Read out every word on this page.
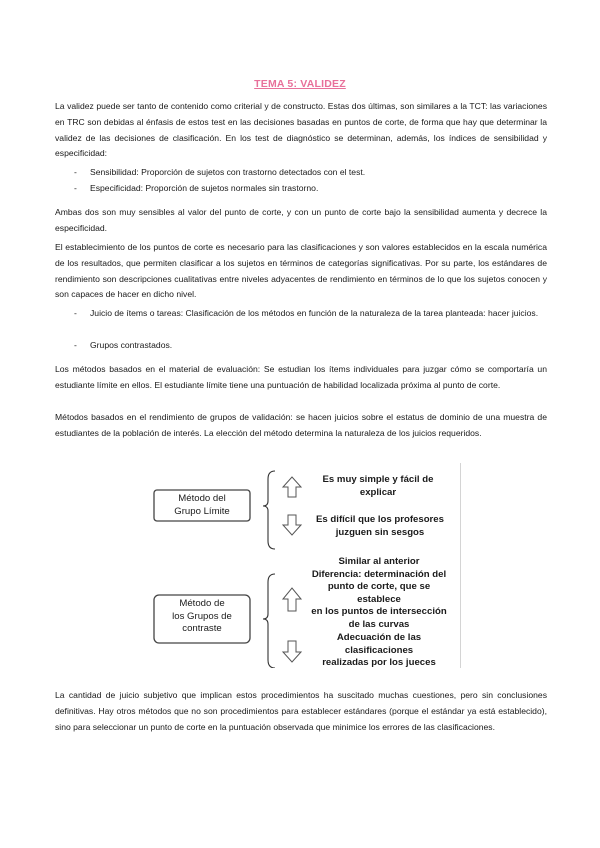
TEMA 5: VALIDEZ

La validez puede ser tanto de contenido como criterial y de constructo. Estas dos últimas, son similares a la TCT: las variaciones en TRC son debidas al énfasis de estos test en las decisiones basadas en puntos de corte, de forma que hay que determinar la validez de las decisiones de clasificación. En los test de diagnóstico se determinan, además, los índices de sensibilidad y especificidad:

- Sensibilidad: Proporción de sujetos con trastorno detectados con el test.
- Especificidad: Proporción de sujetos normales sin trastorno.

Ambas dos son muy sensibles al valor del punto de corte, y con un punto de corte bajo la sensibilidad aumenta y decrece la especificidad.

El establecimiento de los puntos de corte es necesario para las clasificaciones y son valores establecidos en la escala numérica de los resultados, que permiten clasificar a los sujetos en términos de categorías significativas. Por su parte, los estándares de rendimiento son descripciones cualitativas entre niveles adyacentes de rendimiento en términos de lo que los sujetos conocen y son capaces de hacer en dicho nivel.

- Juicio de ítems o tareas: Clasificación de los métodos en función de la naturaleza de la tarea planteada: hacer juicios.
- Grupos contrastados.

Los métodos basados en el material de evaluación: Se estudian los ítems individuales para juzgar cómo se comportaría un estudiante límite en ellos. El estudiante límite tiene una puntuación de habilidad localizada próxima al punto de corte.

Métodos basados en el rendimiento de grupos de validación: se hacen juicios sobre el estatus de dominio de una muestra de estudiantes de la población de interés. La elección del método determina la naturaleza de los juicios requeridos.

Método del
Grupo Límite
Es muy simple y fácil de
explicar
Es difícil que los profesores
juzguen sin sesgos
Método de
los Grupos de
contraste
Similar al anterior
Diferencia: determinación del
punto de corte, que se
establece
en los puntos de intersección
de las curvas
Adecuación de las
clasificaciones
realizadas por los jueces

La cantidad de juicio subjetivo que implican estos procedimientos ha suscitado muchas cuestiones, pero sin conclusiones definitivas. Hay otros métodos que no son procedimientos para establecer estándares (porque el estándar ya está establecido), sino para seleccionar un punto de corte en la puntuación observada que minimice los errores de las clasificaciones.
